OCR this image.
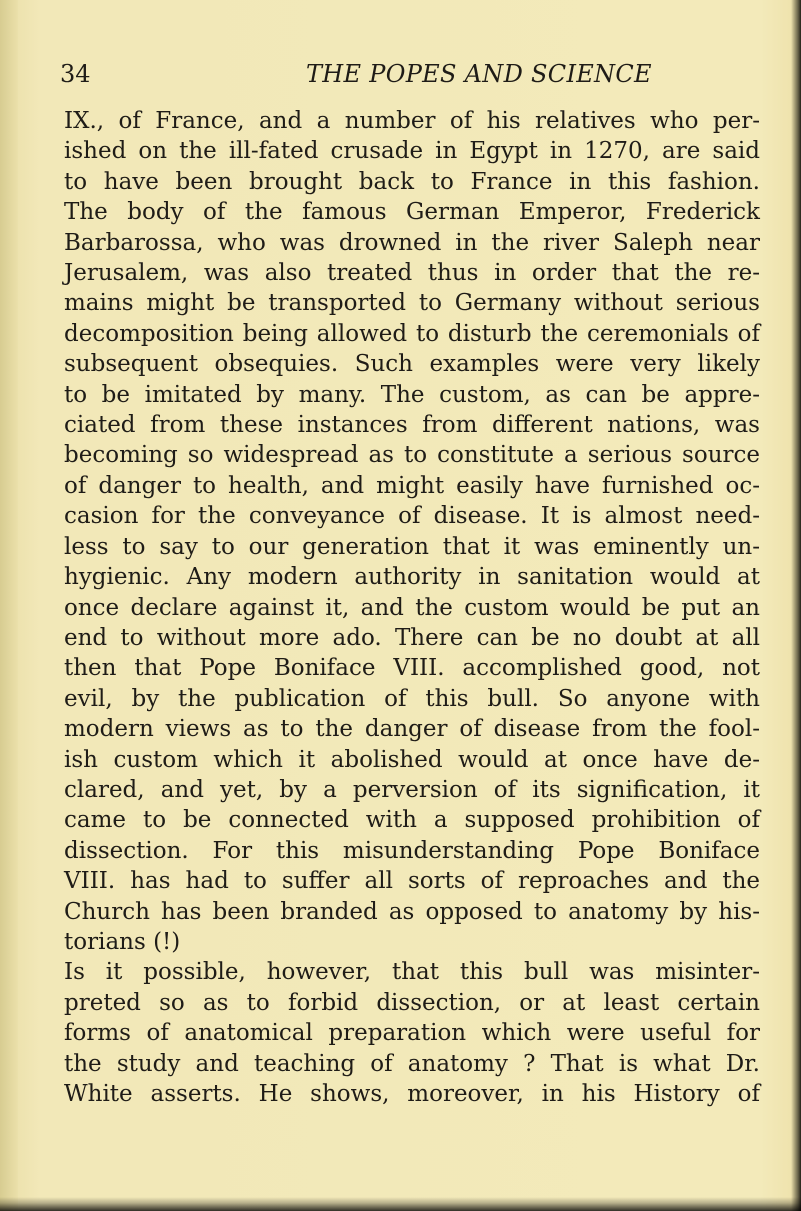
34	THE POPES AND SCIENCE
IX., of France, and a number of his relatives who per-
ished on the ill-fated crusade in Egypt in 1270, are said
to have been brought back to France in this fashion.
The body of the famous German Emperor, Frederick
Barbarossa, who was drowned in the river Saleph near
Jerusalem, was also treated thus in order that the re-
mains might be transported to Germany without serious
decomposition being allowed to disturb the ceremonials of
subsequent obsequies. Such examples were very likely
to be imitated by many. The custom, as can be appre-
ciated from these instances from different nations, was
becoming so widespread as to constitute a serious source
of danger to health, and might easily have furnished oc-
casion for the conveyance of disease. It is almost need-
less to say to our generation that it was eminently un-
hygienic. Any modern authority in sanitation would at
once declare against it, and the custom would be put an
end to without more ado. There can be no doubt at all
then that Pope Boniface VIII. accomplished good, not
evil, by the publication of this bull. So anyone with
modern views as to the danger of disease from the fool-
ish custom which it abolished would at once have de-
clared, and yet, by a perversion of its signification, it
came to be connected with a supposed prohibition of
dissection. For this misunderstanding Pope Boniface
VIII. has had to suffer all sorts of reproaches and the
Church has been branded as opposed to anatomy by his-
torians (!)
Is it possible, however, that this bull was misinter-
preted so as to forbid dissection, or at least certain
forms of anatomical preparation which were useful for
the study and teaching of anatomy ? That is what Dr.
White asserts. He shows, moreover, in his History of
